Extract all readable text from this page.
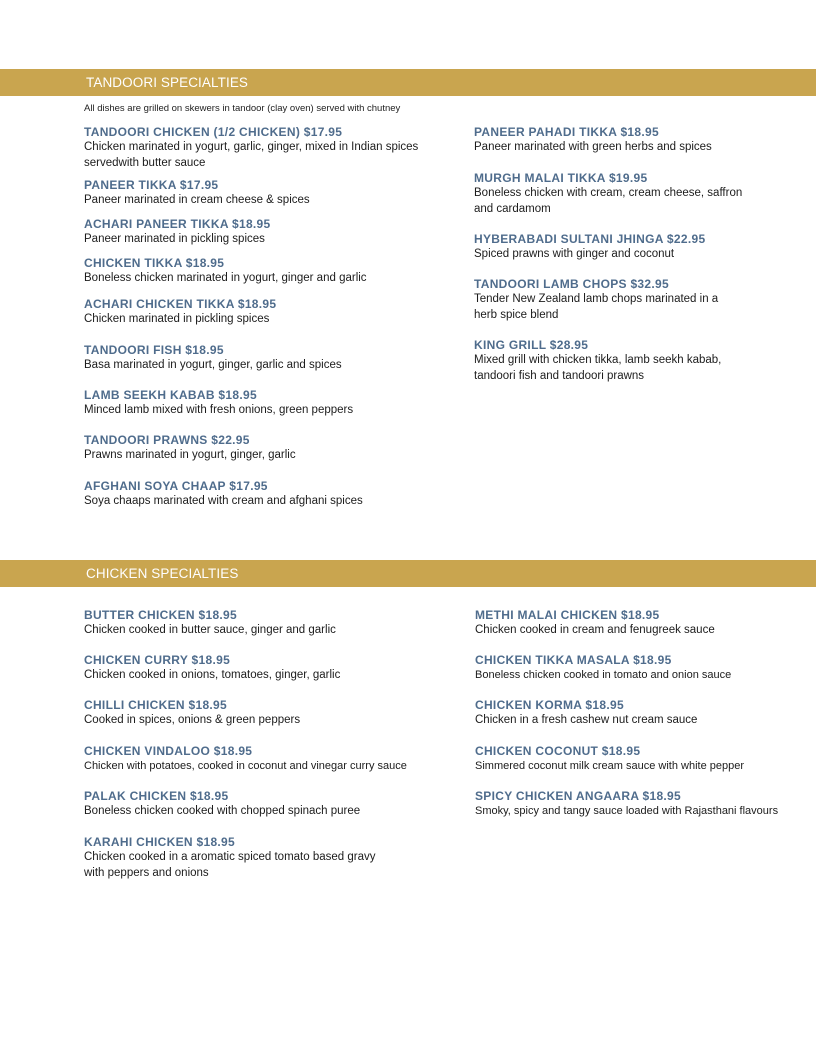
TANDOORI SPECIALTIES
All dishes are grilled on skewers in tandoor (clay oven) served with chutney
TANDOORI CHICKEN (1/2 CHICKEN) $17.95
Chicken marinated in yogurt, garlic, ginger, mixed in Indian spices servedwith butter sauce
PANEER TIKKA $17.95
Paneer marinated in cream cheese & spices
ACHARI PANEER TIKKA $18.95
Paneer marinated in pickling spices
CHICKEN TIKKA $18.95
Boneless chicken marinated in yogurt, ginger and garlic
ACHARI CHICKEN TIKKA $18.95
Chicken marinated in pickling spices
TANDOORI FISH $18.95
Basa marinated in yogurt, ginger, garlic and spices
LAMB SEEKH KABAB $18.95
Minced lamb mixed with fresh onions, green peppers
TANDOORI PRAWNS $22.95
Prawns marinated in yogurt, ginger, garlic
AFGHANI SOYA CHAAP $17.95
Soya chaaps marinated with cream and afghani spices
PANEER PAHADI TIKKA $18.95
Paneer marinated with green herbs and spices
MURGH MALAI TIKKA $19.95
Boneless chicken with cream, cream cheese, saffron and cardamom
HYBERABADI SULTANI JHINGA $22.95
Spiced prawns with ginger and coconut
TANDOORI LAMB CHOPS $32.95
Tender New Zealand lamb chops marinated in a herb spice blend
KING GRILL $28.95
Mixed grill with chicken tikka, lamb seekh kabab, tandoori fish and tandoori prawns
CHICKEN SPECIALTIES
BUTTER CHICKEN $18.95
Chicken cooked in butter sauce, ginger and garlic
CHICKEN CURRY $18.95
Chicken cooked in onions, tomatoes, ginger, garlic
CHILLI CHICKEN $18.95
Cooked in spices, onions & green peppers
CHICKEN VINDALOO $18.95
Chicken with potatoes, cooked in coconut and vinegar curry sauce
PALAK CHICKEN $18.95
Boneless chicken cooked with chopped spinach puree
KARAHI CHICKEN $18.95
Chicken cooked in a aromatic spiced tomato based gravy with peppers and onions
METHI MALAI CHICKEN $18.95
Chicken cooked in cream and fenugreek sauce
CHICKEN TIKKA MASALA $18.95
Boneless chicken cooked in tomato and onion sauce
CHICKEN KORMA $18.95
Chicken in a fresh cashew nut cream sauce
CHICKEN COCONUT $18.95
Simmered coconut milk cream sauce with white pepper
SPICY CHICKEN ANGAARA $18.95
Smoky, spicy and tangy sauce loaded with Rajasthani flavours
